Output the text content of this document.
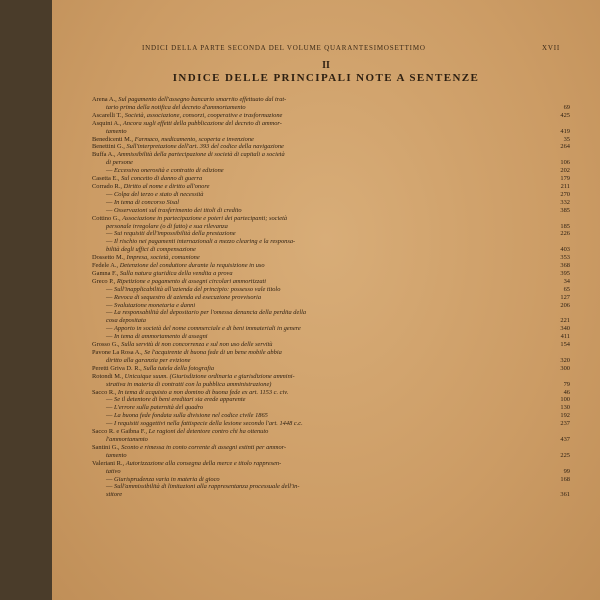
INDICI DELLA PARTE SECONDA DEL VOLUME QUARANTESIMOSETTIMO	XVII
II
INDICE DELLE PRINCIPALI NOTE A SENTENZE
Arena A., Sul pagamento dell'assegno bancario smarrito effettuato dal trat-
tario prima della notifica del decreto d'ammortamento	69
Ascarelli T., Società, associazione, consorzi, cooperative e trasformazione	425
Asquini A., Ancora sugli effetti della pubblicazione del decreto di ammor-
tamento	419
Benedicenti M., Farmaco, medicamento, scoperta e invenzione	35
Benettini G., Sull'interpretazione dell'art. 393 del codice della navigazione	264
Buffa A., Ammissibilità della partecipazione di società di capitali a società
di persone	106
— Eccessiva onerosità e contratto di edizione	202
Casetta E., Sul concetto di danno di guerra	179
Corrado R., Diritto al nome e diritto all'onore	211
— Colpa del terzo e stato di necessità	270
— In tema di concorso Sisal	332
— Osservazioni sul trasferimento dei titoli di credito	385
Cottino G., Associazione in partecipazione e poteri dei partecipanti; società
personale irregolare (o di fatto) e sua rilevanza	185
— Sui requisiti dell'impossibilità della prestazione	226
— Il rischio nei pagamenti internazionali a mezzo clearing e la responsa-
bilità degli uffici di compensazione	403
Dossetto M., Impresa, società, comunione	353
Fedele A., Detenzione del conduttore durante la requisizione in uso	368
Gamna F., Sulla natura giuridica della vendita a prova	395
Greco P., Ripetizione e pagamento di assegni circolari ammortizzati	34
— Sull'inapplicabilità all'azienda del principio: possesso vale titolo	65
— Revoca di sequestro di azienda ed esecuzione provvisoria	127
— Svalutazione monetaria e danni	206
— La responsabilità del depositario per l'omessa denuncia della perdita della
cosa depositata	221
— Apporto in società del nome commerciale e di beni immateriali in genere	340
— In tema di ammortamento di assegni	411
Grosso G., Sulla servitù di non concorrenza e sul non uso delle servitù	154
Pavone La Rosa A., Se l'acquirente di buona fede di un bene mobile abbia
diritto alla garanzia per evizione	320
Peretti Griva D. R., Sulla tutela della fotografia	300
Rotondi M., Unicuique suum. (Giurisdizione ordinaria e giurisdizione ammini-
strativa in materia di contratti con la pubblica amministrazione)	79
Sacco R., In tema di acquisto a non domino di buona fede ex art. 1153 c. civ.	46
— Se il detentore di beni ereditari sia erede apparente	100
— L'errore sulla paternità del quadro	130
— La buona fede fondata sulla divisione nel codice civile 1865	192
— I requisiti soggettivi nella fattispecie della lesione secondo l'art. 1448 c.c.	237
Sacco R. e Gaibna F., Le ragioni del detentore contro chi ha ottenuto
l'ammortamento	437
Santini G., Sconto e rimessa in conto corrente di assegni estinti per ammor-
tamento	225
Valeriani R., Autorizzazione alla consegna della merce e titolo rappresen-
tativo	99
— Giurisprudenza varia in materia di gioco	168
— Sull'ammissibilità di limitazioni alla rappresentanza processuale dell'in-
stitore	361
